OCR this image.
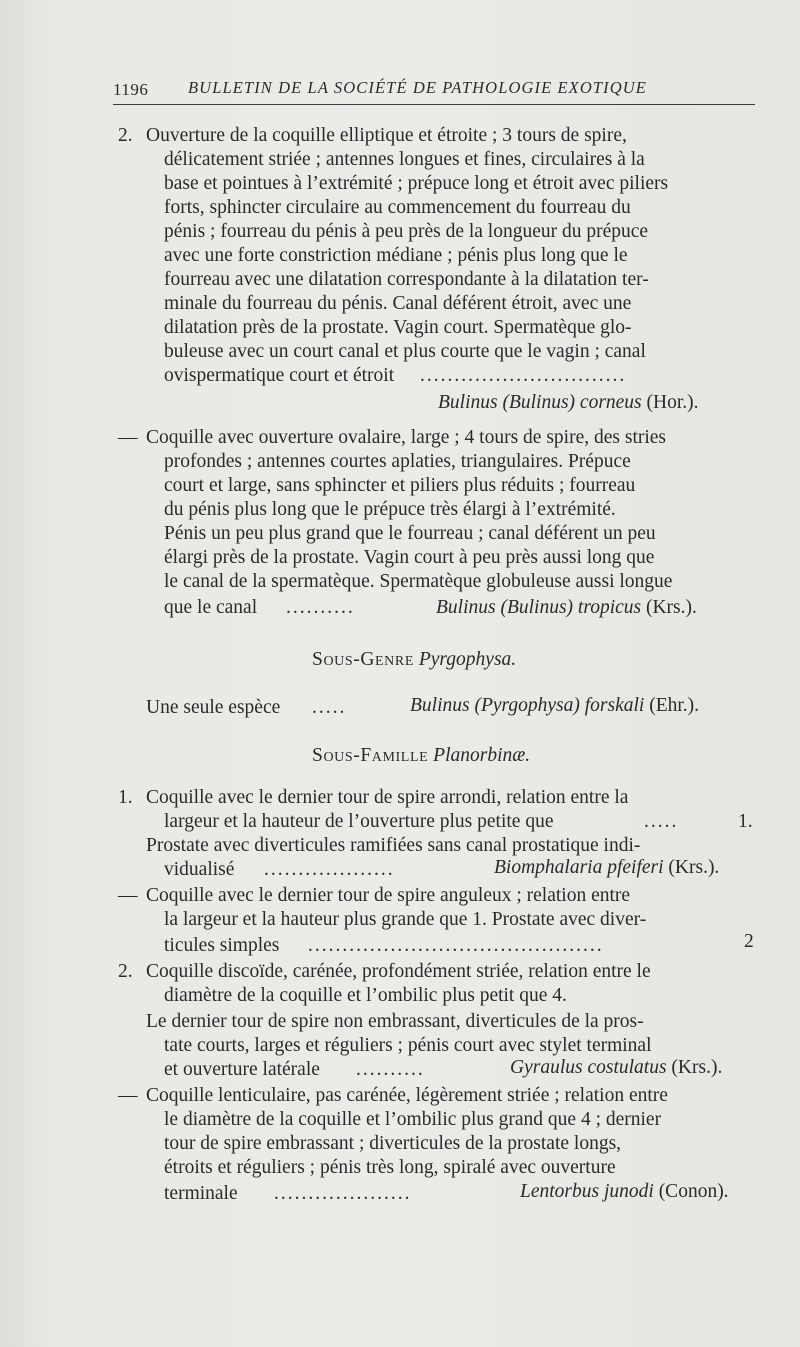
1196 BULLETIN DE LA SOCIÉTÉ DE PATHOLOGIE EXOTIQUE
2. Ouverture de la coquille elliptique et étroite ; 3 tours de spire,
délicatement striée ; antennes longues et fines, circulaires à la
base et pointues à l’extrémité ; prépuce long et étroit avec piliers
forts, sphincter circulaire au commencement du fourreau du
pénis ; fourreau du pénis à peu près de la longueur du prépuce
avec une forte constriction médiane ; pénis plus long que le
fourreau avec une dilatation correspondante à la dilatation ter-
minale du fourreau du pénis. Canal déférent étroit, avec une
dilatation près de la prostate. Vagin court. Spermatèque glo-
buleuse avec un court canal et plus courte que le vagin ; canal
ovispermatique court et étroit ..............................
Bulinus (Bulinus) corneus (Hor.).
— Coquille avec ouverture ovalaire, large ; 4 tours de spire, des stries
profondes ; antennes courtes aplaties, triangulaires. Prépuce
court et large, sans sphincter et piliers plus réduits ; fourreau
du pénis plus long que le prépuce très élargi à l’extrémité.
Pénis un peu plus grand que le fourreau ; canal déférent un peu
élargi près de la prostate. Vagin court à peu près aussi long que
le canal de la spermatèque. Spermatèque globuleuse aussi longue
que le canal ..........	Bulinus (Bulinus) tropicus (Krs.).
Sous-Genre Pyrgophysa.
Une seule espèce .....	Bulinus (Pyrgophysa) forskali (Ehr.).
Sous-Famille Planorbinæ.
1. Coquille avec le dernier tour de spire arrondi, relation entre la
largeur et la hauteur de l’ouverture plus petite que	.....	1.
Prostate avec diverticules ramifiées sans canal prostatique indi-
vidualisé ...................	Biomphalaria pfeiferi (Krs.).
— Coquille avec le dernier tour de spire anguleux ; relation entre
la largeur et la hauteur plus grande que 1. Prostate avec diver-
ticules simples ...........................................	2
2. Coquille discoïde, carénée, profondément striée, relation entre le
diamètre de la coquille et l’ombilic plus petit que 4.
Le dernier tour de spire non embrassant, diverticules de la pros-
tate courts, larges et réguliers ; pénis court avec stylet terminal
et ouverture latérale ..........	Gyraulus costulatus (Krs.).
— Coquille lenticulaire, pas carénée, légèrement striée ; relation entre
le diamètre de la coquille et l’ombilic plus grand que 4 ; dernier
tour de spire embrassant ; diverticules de la prostate longs,
étroits et réguliers ; pénis très long, spiralé avec ouverture
terminale ....................	Lentorbus junodi (Conon).
